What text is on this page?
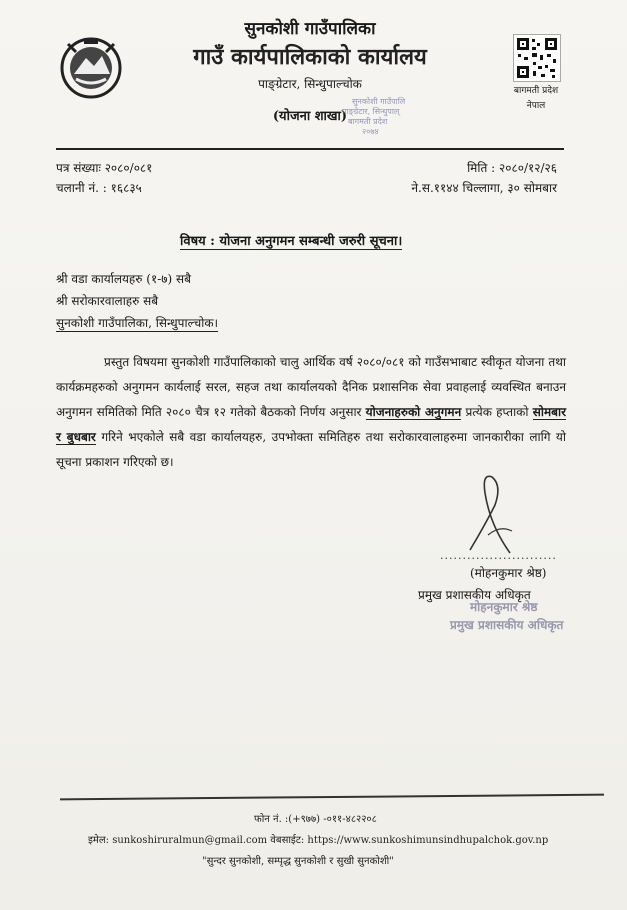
सुनकोशी गाउँपालिका
गाउँ कार्यपालिकाको कार्यालय
पाङ्ग्रेटार, सिन्धुपाल्चोक
(योजना शाखा)
सुनकोशी गाउँपालि
पाङ्ग्रेटार, सिन्धुपाल्
बागमती प्रदेश
२०७४
बागमती प्रदेश
नेपाल
पत्र संख्याः २०८०/०८१
चलानी नं. : १६८३५
मिति : २०८०/१२/२६
ने.स.११४४ चिल्लागा, ३० सोमबार
विषय : योजना अनुगमन सम्बन्धी जरुरी सूचना।
श्री वडा कार्यालयहरु (१-७) सबै
श्री सरोकारवालाहरु सबै
सुनकोशी गाउँपालिका, सिन्धुपाल्चोक।
प्रस्तुत विषयमा सुनकोशी गाउँपालिकाको चालु आर्थिक वर्ष २०८०/०८१ को गाउँसभाबाट स्वीकृत योजना तथा कार्यक्रमहरुको अनुगमन कार्यलाई सरल, सहज तथा कार्यालयको दैनिक प्रशासनिक सेवा प्रवाहलाई व्यवस्थित बनाउन अनुगमन समितिको मिति २०८० चैत्र १२ गतेको बैठकको निर्णय अनुसार योजनाहरुको अनुगमन प्रत्येक हप्ताको सोमबार र बुधबार गरिने भएकोले सबै वडा कार्यालयहरु, उपभोक्ता समितिहरु तथा सरोकारवालाहरुमा जानकारीका लागि यो सूचना प्रकाशन गरिएको छ।
..........................
(मोहनकुमार श्रेष्ठ)
प्रमुख प्रशासकीय अधिकृत
मोहनकुमार श्रेष्ठ
प्रमुख प्रशासकीय अधिकृत
फोन नं. :(+९७७) -०११-४८२२०८
इमेल: sunkoshiruralmun@gmail.com वेबसाईट: https://www.sunkoshimunsindhupalchok.gov.np
"सुन्दर सुनकोशी, सम्पृद्ध सुनकोशी र सुखी सुनकोशी"
